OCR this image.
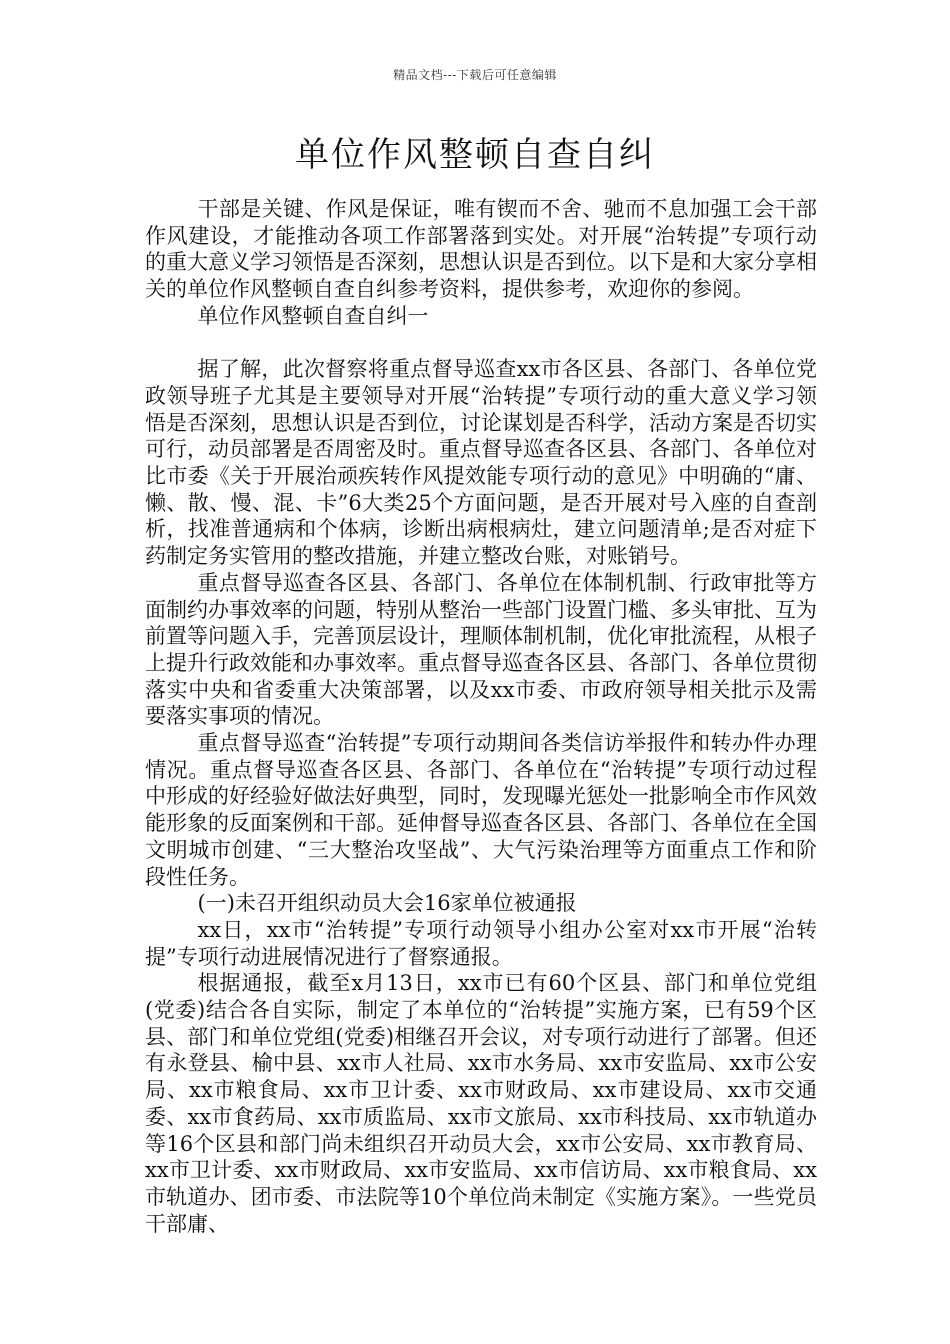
精品文档---下载后可任意编辑
单位作风整顿自查自纠

干部是关键、作风是保证，唯有锲而不舍、驰而不息加强工会干部作风建设，才能推动各项工作部署落到实处。对开展“治转提”专项行动的重大意义学习领悟是否深刻，思想认识是否到位。以下是和大家分享相关的单位作风整顿自查自纠参考资料，提供参考，欢迎你的参阅。

单位作风整顿自查自纠一

据了解，此次督察将重点督导巡查xx市各区县、各部门、各单位党政领导班子尤其是主要领导对开展“治转提”专项行动的重大意义学习领悟是否深刻，思想认识是否到位，讨论谋划是否科学，活动方案是否切实可行，动员部署是否周密及时。重点督导巡查各区县、各部门、各单位对比市委《关于开展治顽疾转作风提效能专项行动的意见》中明确的“庸、懒、散、慢、混、卡”6大类25个方面问题，是否开展对号入座的自查剖析，找准普通病和个体病，诊断出病根病灶，建立问题清单;是否对症下药制定务实管用的整改措施，并建立整改台账，对账销号。

重点督导巡查各区县、各部门、各单位在体制机制、行政审批等方面制约办事效率的问题，特别从整治一些部门设置门槛、多头审批、互为前置等问题入手，完善顶层设计，理顺体制机制，优化审批流程，从根子上提升行政效能和办事效率。重点督导巡查各区县、各部门、各单位贯彻落实中央和省委重大决策部署，以及xx市委、市政府领导相关批示及需要落实事项的情况。

重点督导巡查“治转提”专项行动期间各类信访举报件和转办件办理情况。重点督导巡查各区县、各部门、各单位在“治转提”专项行动过程中形成的好经验好做法好典型，同时，发现曝光惩处一批影响全市作风效能形象的反面案例和干部。延伸督导巡查各区县、各部门、各单位在全国文明城市创建、“三大整治攻坚战”、大气污染治理等方面重点工作和阶段性任务。

(一)未召开组织动员大会16家单位被通报

xx日，xx市“治转提”专项行动领导小组办公室对xx市开展“治转提”专项行动进展情况进行了督察通报。

根据通报，截至x月13日，xx市已有60个区县、部门和单位党组(党委)结合各自实际，制定了本单位的“治转提”实施方案，已有59个区县、部门和单位党组(党委)相继召开会议，对专项行动进行了部署。但还有永登县、榆中县、xx市人社局、xx市水务局、xx市安监局、xx市公安局、xx市粮食局、xx市卫计委、xx市财政局、xx市建设局、xx市交通委、xx市食药局、xx市质监局、xx市文旅局、xx市科技局、xx市轨道办等16个区县和部门尚未组织召开动员大会，xx市公安局、xx市教育局、xx市卫计委、xx市财政局、xx市安监局、xx市信访局、xx市粮食局、xx市轨道办、团市委、市法院等10个单位尚未制定《实施方案》。一些党员干部庸、
